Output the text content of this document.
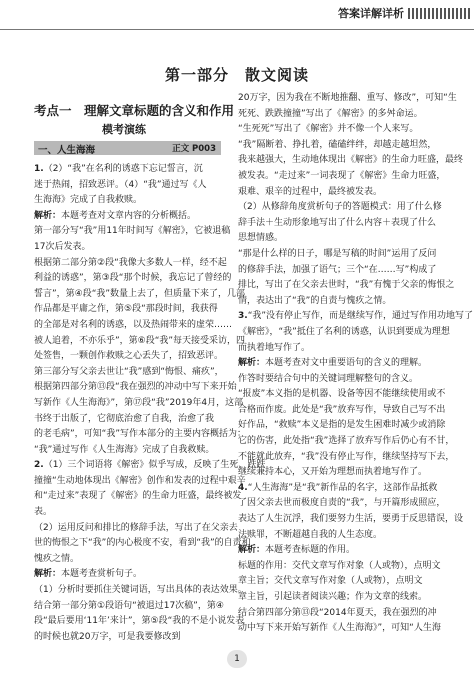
答案详解详析
第一部分　散文阅读
考点一　理解文章标题的含义和作用
模考演练
一、人生海海	正文 P003
1.（2）“我”在名利的诱惑下忘记誓言，沉
迷于热闹，招致恶评。（4）“我”通过写《人
生海海》完成了自我救赎。
解析：本题考查对文章内容的分析概括。
第一部分写“我”用11年时间写《解密》，它被退稿
17次后发表。
根据第二部分第②段“我像大多数人一样，经不起
利益的诱惑”，第③段“那个时候，我忘记了曾经的
誓言”，第④段“我”数量上去了，但质量下来了，几部
作品都是平庸之作，第⑤段“那段时间，我获得
的全部是对名利的诱惑，以及热闹带来的虚荣……
被人追着，不亦乐乎”，第⑥段“我”每天接受采访，四
处签售，一颗创作救赎之心丢失了，招致恶评。
第三部分写父亲去世让“我”感到“悔恨、痛疚”，
根据第四部分第⑬段“我在强烈的冲动中写下来开始
写新作《人生海海》”，第⑰段“我”2019年4月，这部
书终于出版了，它彻底治愈了自我，治愈了我
的老毛病”，可知“我”写作本部分的主要内容概括为：
“我”通过写作《人生海海》完成了自我救赎。
2.（1）三个词语将《解密》似乎写成，反映了生死、跌跌
撞撞“生动地体现出《解密》创作和发表的过程中艰辛
和“走过来”表现了《解密》的生命力旺盛，最终被发
表。
（2）运用反问和排比的修辞手法，写出了在父亲去
世的悔恨之下“我”的内心极度不安，看到“我”的自责和
愧疚之情。
解析：本题考查赏析句子。
（1）分析时要抓住关键词语，写出具体的表达效果。
结合第一部分第①段语句“被退过17次稿”，第④
段“最后要用‘11年’来计”，第⑤段“我的不是小说发表
的时候也就20万字，可是我要修改到
20万字，因为我在不断地推翻、重写、修改”，可知“生
死死、跌跌撞撞”写出了《解密》的多舛命运。
“生死死”写出了《解密》并不像一个人来写。
“我”隔断着、挣扎着，磕磕绊绊，却越走越坦然，
我来越强大，生动地体现出《解密》的生命力旺盛，最终
被发表。“走过来”一词表现了《解密》生命力旺盛，
艰难、艰辛的过程中，最终被发表。
（2）从修辞角度赏析句子的答题模式：用了什么修
辞手法＋生动形象地写出了什么内容＋表现了什么
思想情感。
“那是什么样的日子，哪是写稿的时间”运用了反问
的修辞手法，加强了语气；三个“在……写”构成了
排比，写出了在父亲去世时，“我”有愧于父亲的悔恨之
情，表达出了“我”的自责与愧疚之情。
3.“我”没有停止写作，而是继续写作，通过写作用功地写了
《解密》，“我”抵住了名利的诱惑，认识到要成为理想
而执着地写作了。
解析：本题考查对文中重要语句的含义的理解。
作答时要结合句中的关键词理解整句的含义。
“报废”本义指的是机器、设备等因不能继续使用或不
合格而作废。此处是“我”放弃写作，导致自己写不出
好作品，“救赎”本义是指的是发生困难时减少或消除
它的伤害，此处指“我”选择了放弃写作后仍心有不甘，
不能就此放弃，“我”没有停止写作，继续坚持写下去，
继续兼持本心，又开始为理想而执着地写作了。
4.“人生海海”是“我”新作品的名字，这部作品抵救
了因父亲去世而极度自责的“我”，与开篇形成照应，
表达了人生沉浮，我们要努力生活，要勇于反思错误，设
法赎罪，不断超越自我的人生态度。
解析：本题考查标题的作用。
标题的作用：交代文章写作对象（人或物），点明文
章主旨；交代文章写作对象（人或物），点明文
章主旨，引起读者阅读兴趣；作为文章的线索。
结合第四部分第⑬段“2014年夏天，我在强烈的冲
动中写下来开始写新作《人生海海》”，可知“人生海
1
